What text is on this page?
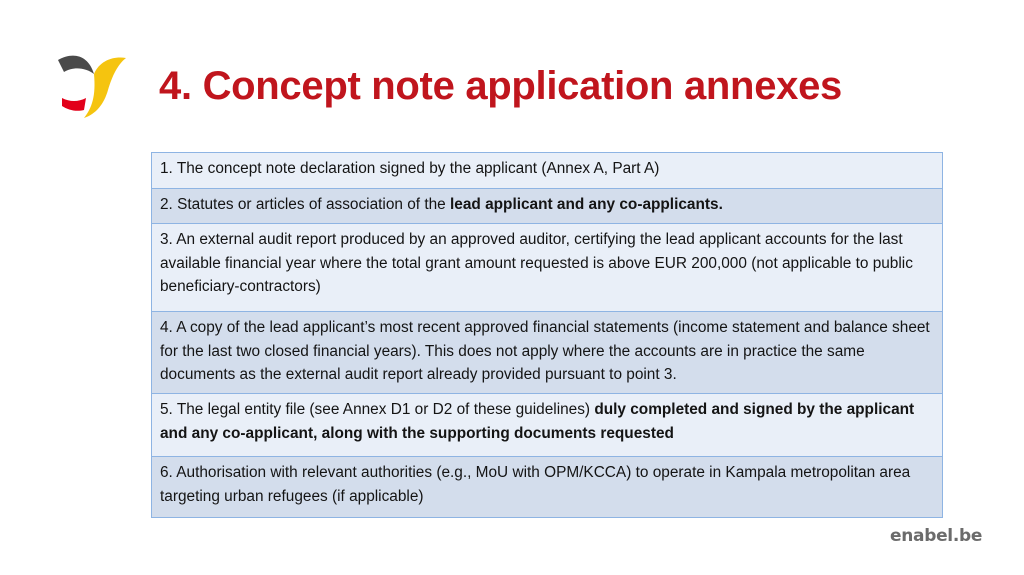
4. Concept note application annexes
1. The concept note declaration signed by the applicant (Annex A, Part A)
2. Statutes or articles of association of the lead applicant and any co-applicants.
3. An external audit report produced by an approved auditor, certifying the lead applicant accounts for the last available financial year where the total grant amount requested is above EUR 200,000 (not applicable to public beneficiary-contractors)
4. A copy of the lead applicant’s most recent approved financial statements (income statement and balance sheet for the last two closed financial years). This does not apply where the accounts are in practice the same documents as the external audit report already provided pursuant to point 3.
5. The legal entity file (see Annex D1 or D2 of these guidelines) duly completed and signed by the applicant and any co-applicant, along with the supporting documents requested
6. Authorisation with relevant authorities (e.g., MoU with OPM/KCCA) to operate in Kampala metropolitan area targeting urban refugees (if applicable)
enabel.be
